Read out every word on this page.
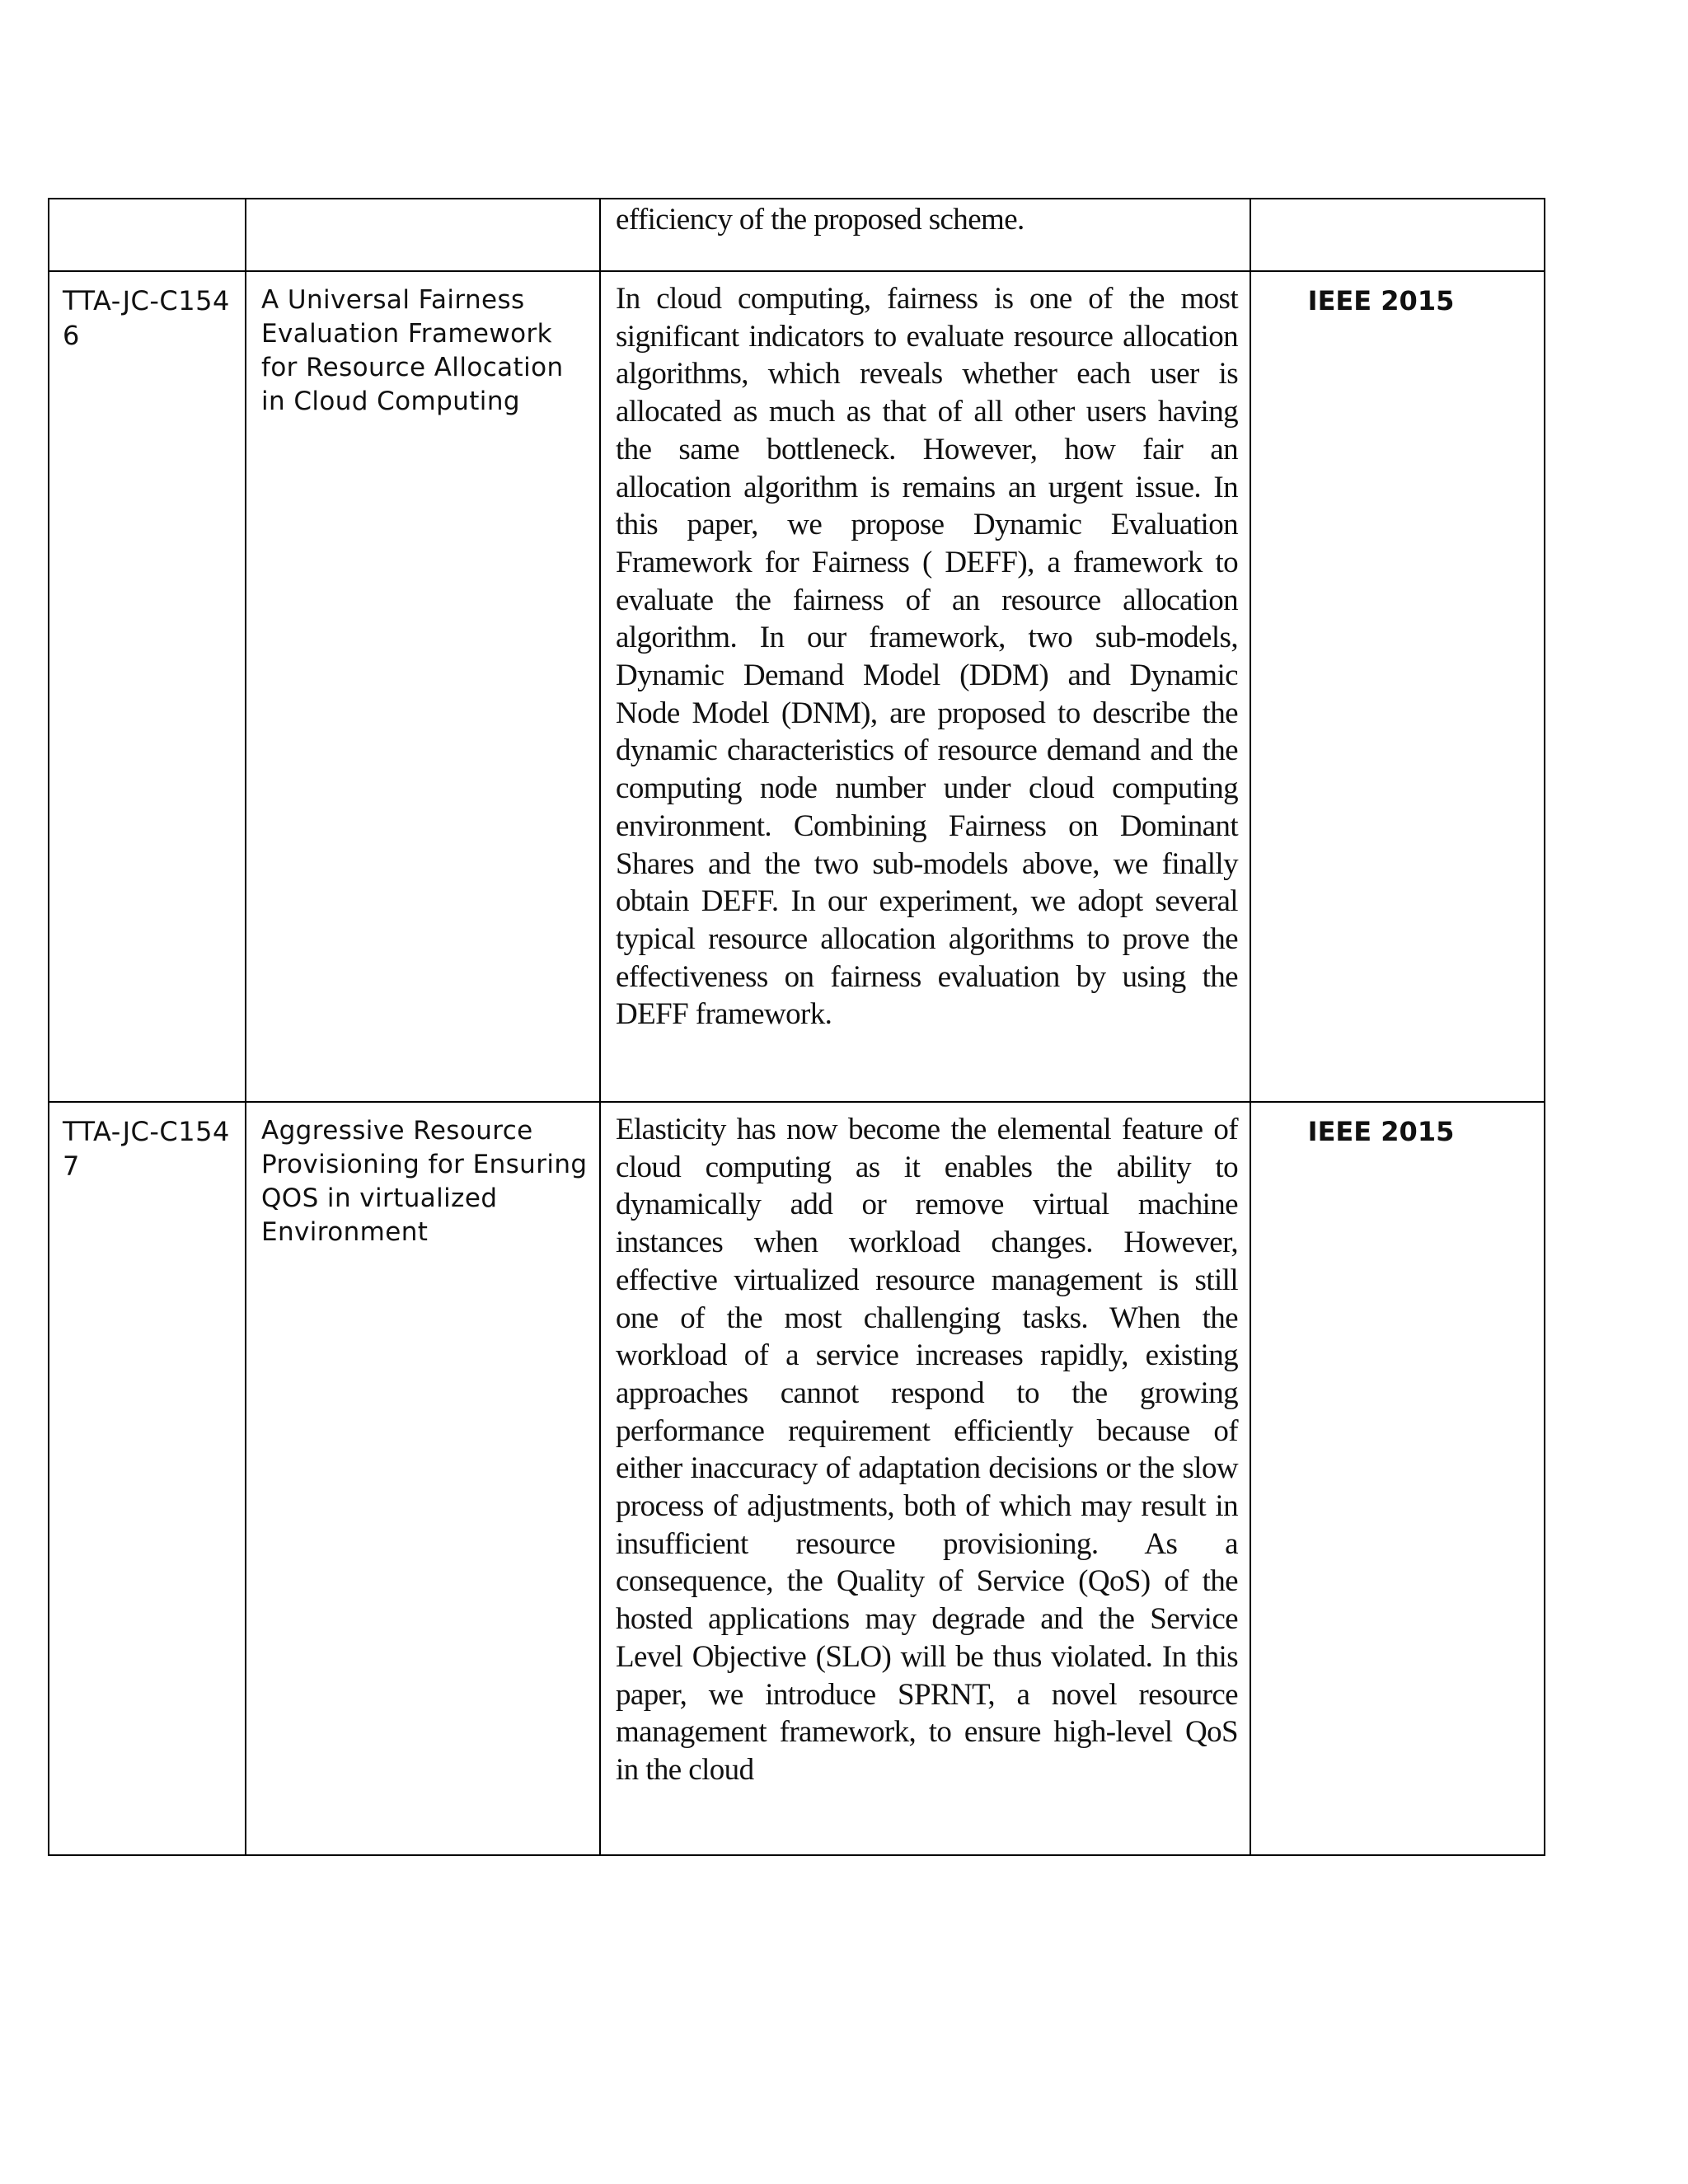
		efficiency of the proposed scheme.	

TTA-JC-C1546	A Universal Fairness Evaluation Framework for Resource Allocation in Cloud Computing	In cloud computing, fairness is one of the most significant indicators to evaluate resource allocation algorithms, which reveals whether each user is allocated as much as that of all other users having the same bottleneck. However, how fair an allocation algorithm is remains an urgent issue. In this paper, we propose Dynamic Evaluation Framework for Fairness ( DEFF), a framework to evaluate the fairness of an resource allocation algorithm. In our framework, two sub-models, Dynamic Demand Model (DDM) and Dynamic Node Model (DNM), are proposed to describe the dynamic characteristics of resource demand and the computing node number under cloud computing environment. Combining Fairness on Dominant Shares and the two sub-models above, we finally obtain DEFF. In our experiment, we adopt several typical resource allocation algorithms to prove the effectiveness on fairness evaluation by using the DEFF framework.	IEEE 2015

TTA-JC-C1547	Aggressive Resource Provisioning for Ensuring QOS in virtualized Environment	Elasticity has now become the elemental feature of cloud computing as it enables the ability to dynamically add or remove virtual machine instances when workload changes. However, effective virtualized resource management is still one of the most challenging tasks. When the workload of a service increases rapidly, existing approaches cannot respond to the growing performance requirement efficiently because of either inaccuracy of adaptation decisions or the slow process of adjustments, both of which may result in insufficient resource provisioning. As a consequence, the Quality of Service (QoS) of the hosted applications may degrade and the Service Level Objective (SLO) will be thus violated. In this paper, we introduce SPRNT, a novel resource management framework, to ensure high-level QoS in the cloud	IEEE 2015
